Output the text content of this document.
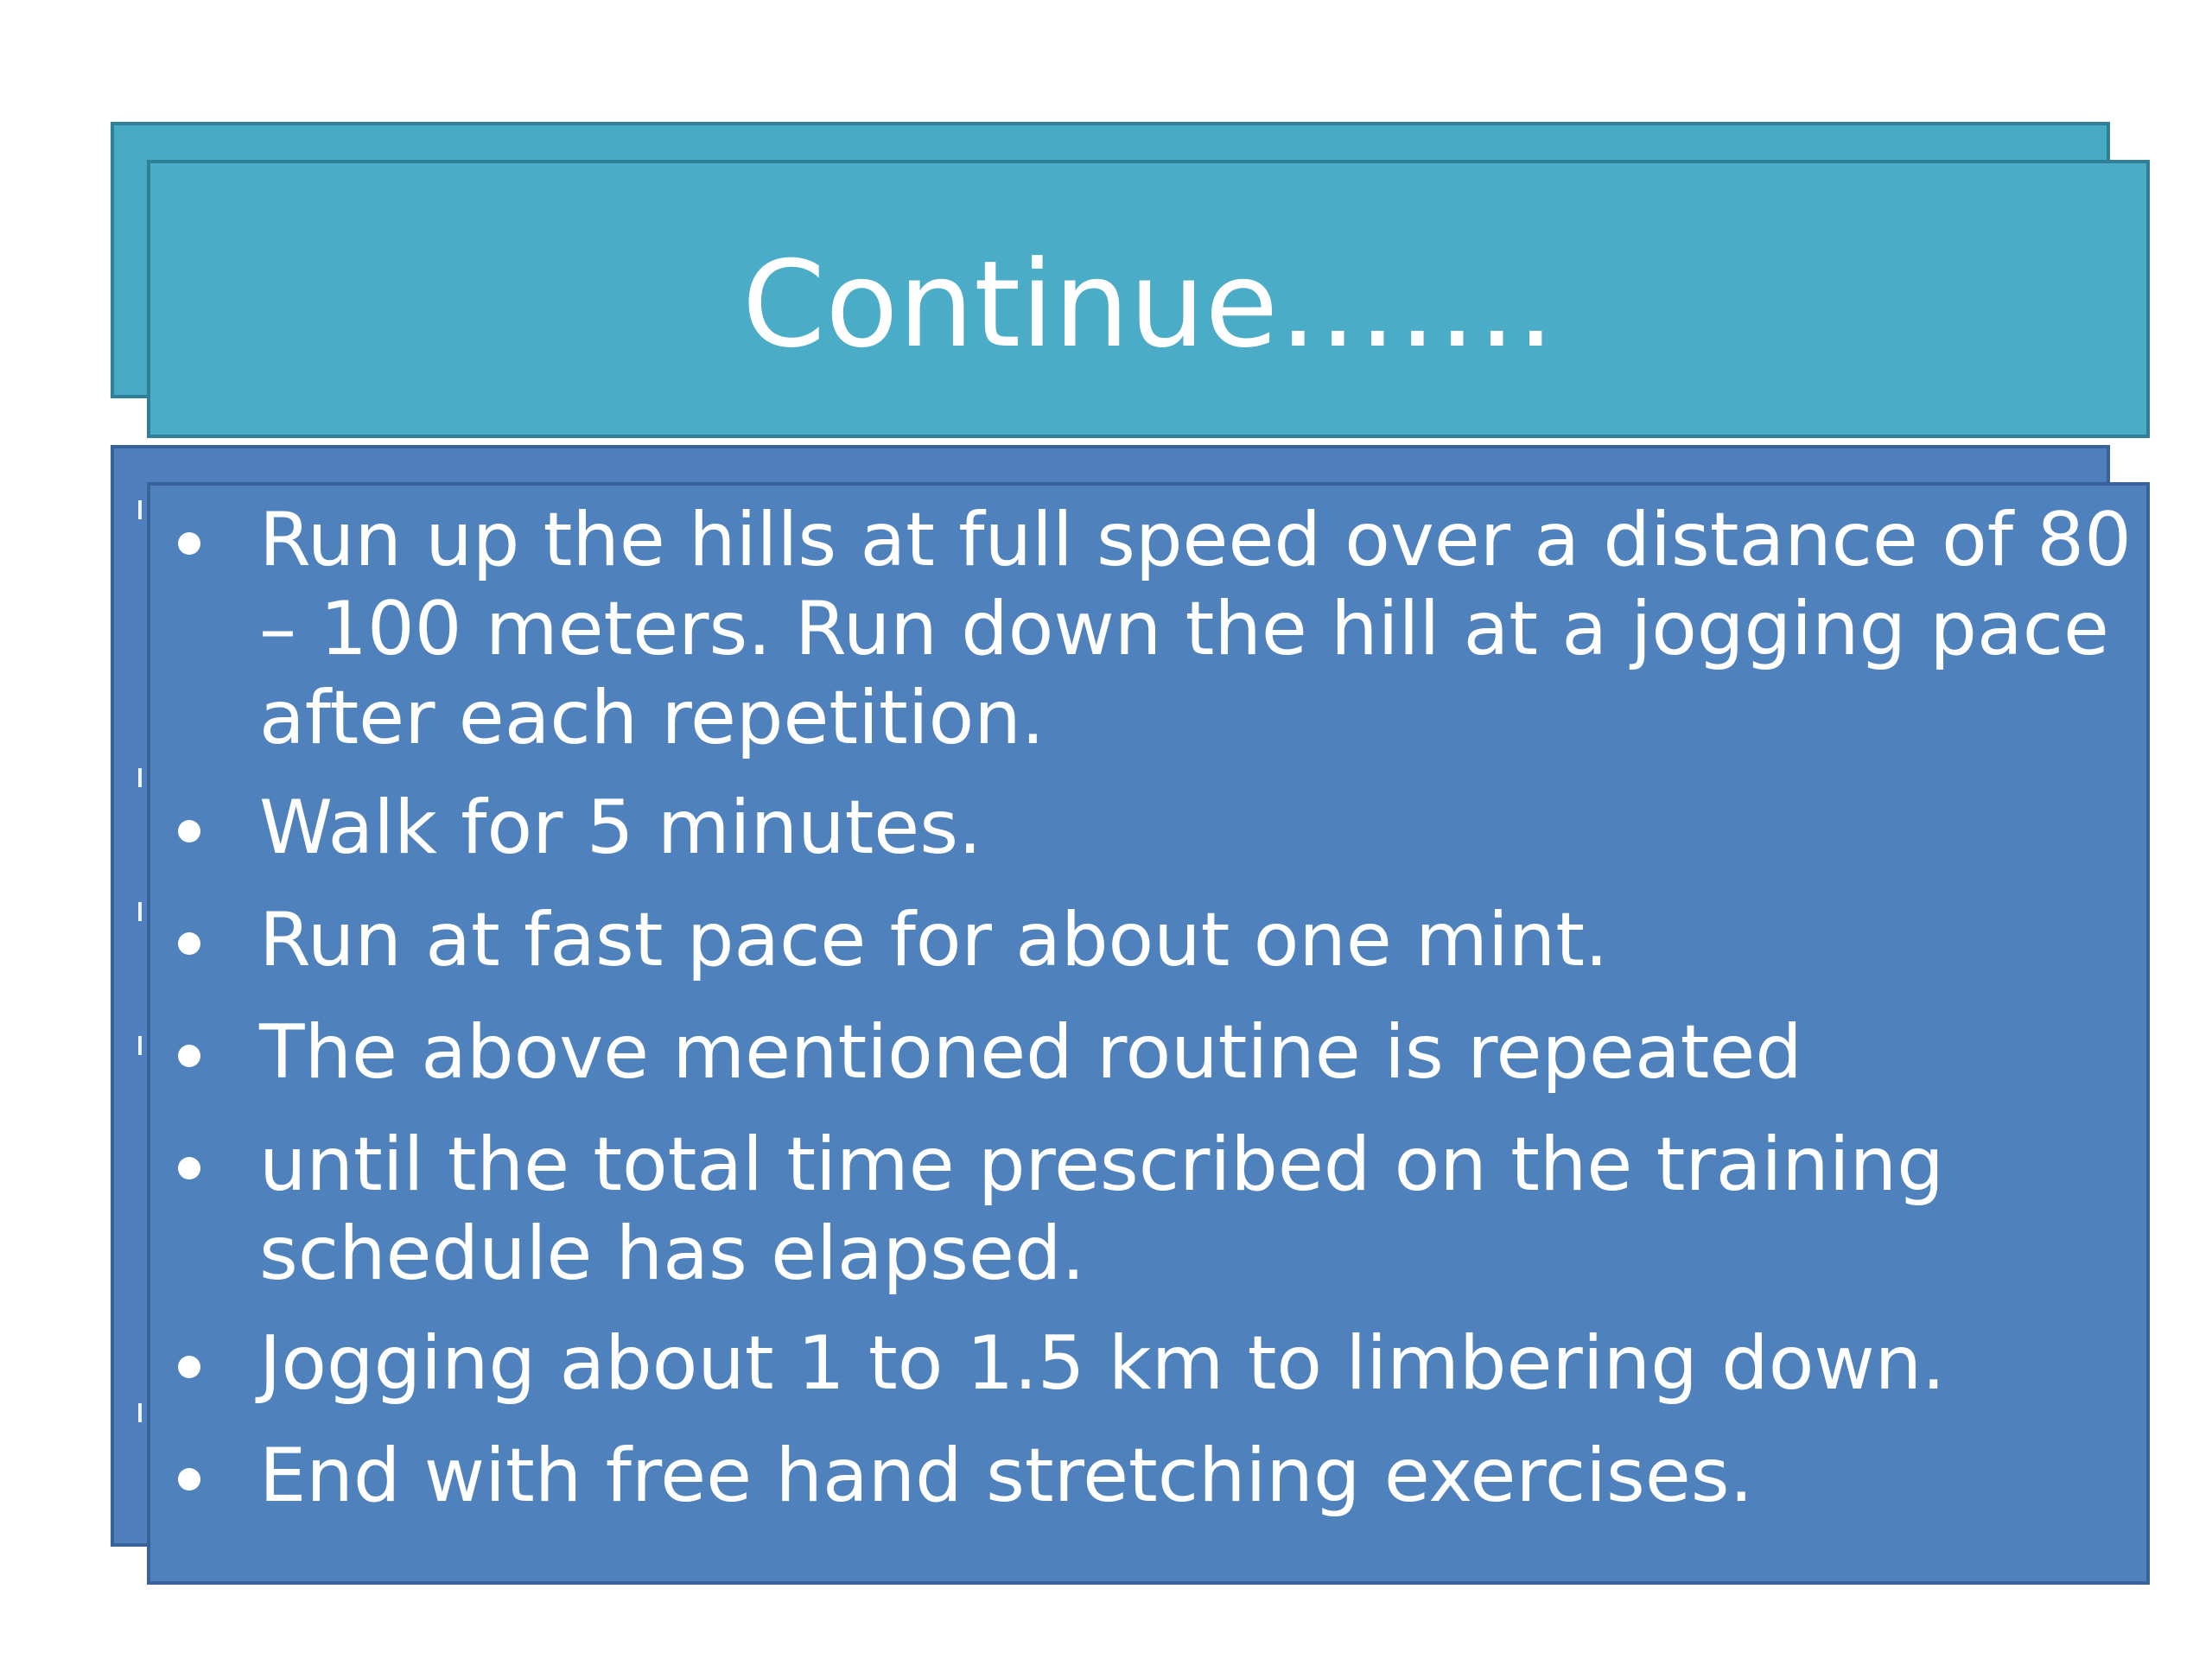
Continue…….
Run up the hills at full speed over a distance of 80
– 100 meters. Run down the hill at a jogging pace
after each repetition.
Walk for 5 minutes.
Run at fast pace for about one mint.
The above mentioned routine is repeated
until the total time prescribed on the training
schedule has elapsed.
Jogging about 1 to 1.5 km to limbering down.
End with free hand stretching exercises.
